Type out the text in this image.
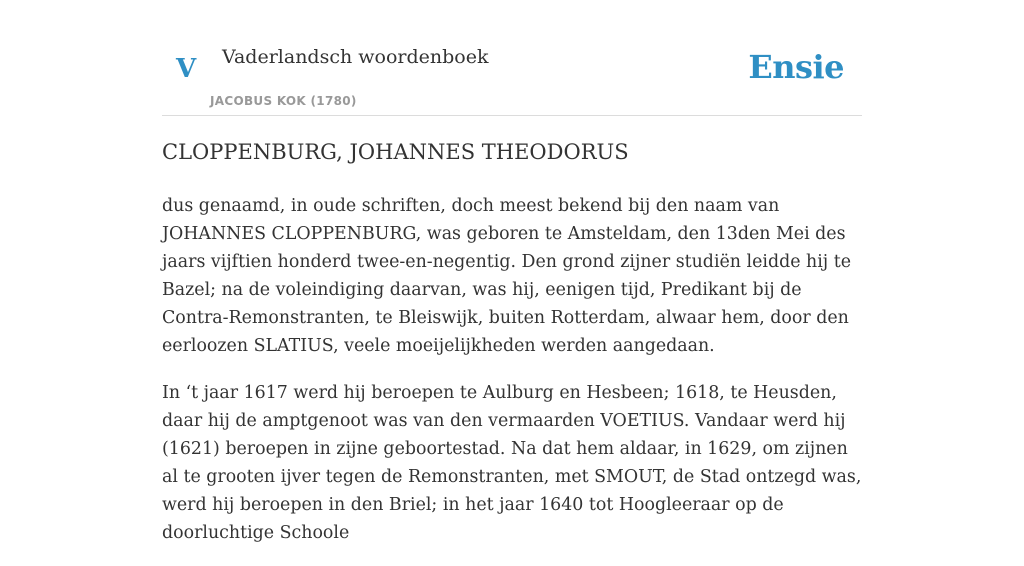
V Vaderlandsch woordenboek
JACOBUS KOK (1780)
Ensie
CLOPPENBURG, JOHANNES THEODORUS

dus genaamd, in oude schriften, doch meest bekend bij den naam van JOHANNES CLOPPENBURG, was geboren te Amsteldam, den 13den Mei des jaars vijftien honderd twee-en-negentig. Den grond zijner studiën leidde hij te Bazel; na de voleindiging daarvan, was hij, eenigen tijd, Predikant bij de Contra-Remonstranten, te Bleiswijk, buiten Rotterdam, alwaar hem, door den eerloozen SLATIUS, veele moeijelijkheden werden aangedaan.

In ‘t jaar 1617 werd hij beroepen te Aulburg en Hesbeen; 1618, te Heusden, daar hij de amptgenoot was van den vermaarden VOETIUS. Vandaar werd hij (1621) beroepen in zijne geboortestad. Na dat hem aldaar, in 1629, om zijnen al te grooten ijver tegen de Remonstranten, met SMOUT, de Stad ontzegd was, werd hij beroepen in den Briel; in het jaar 1640 tot Hoogleeraar op de doorluchtige Schoole
